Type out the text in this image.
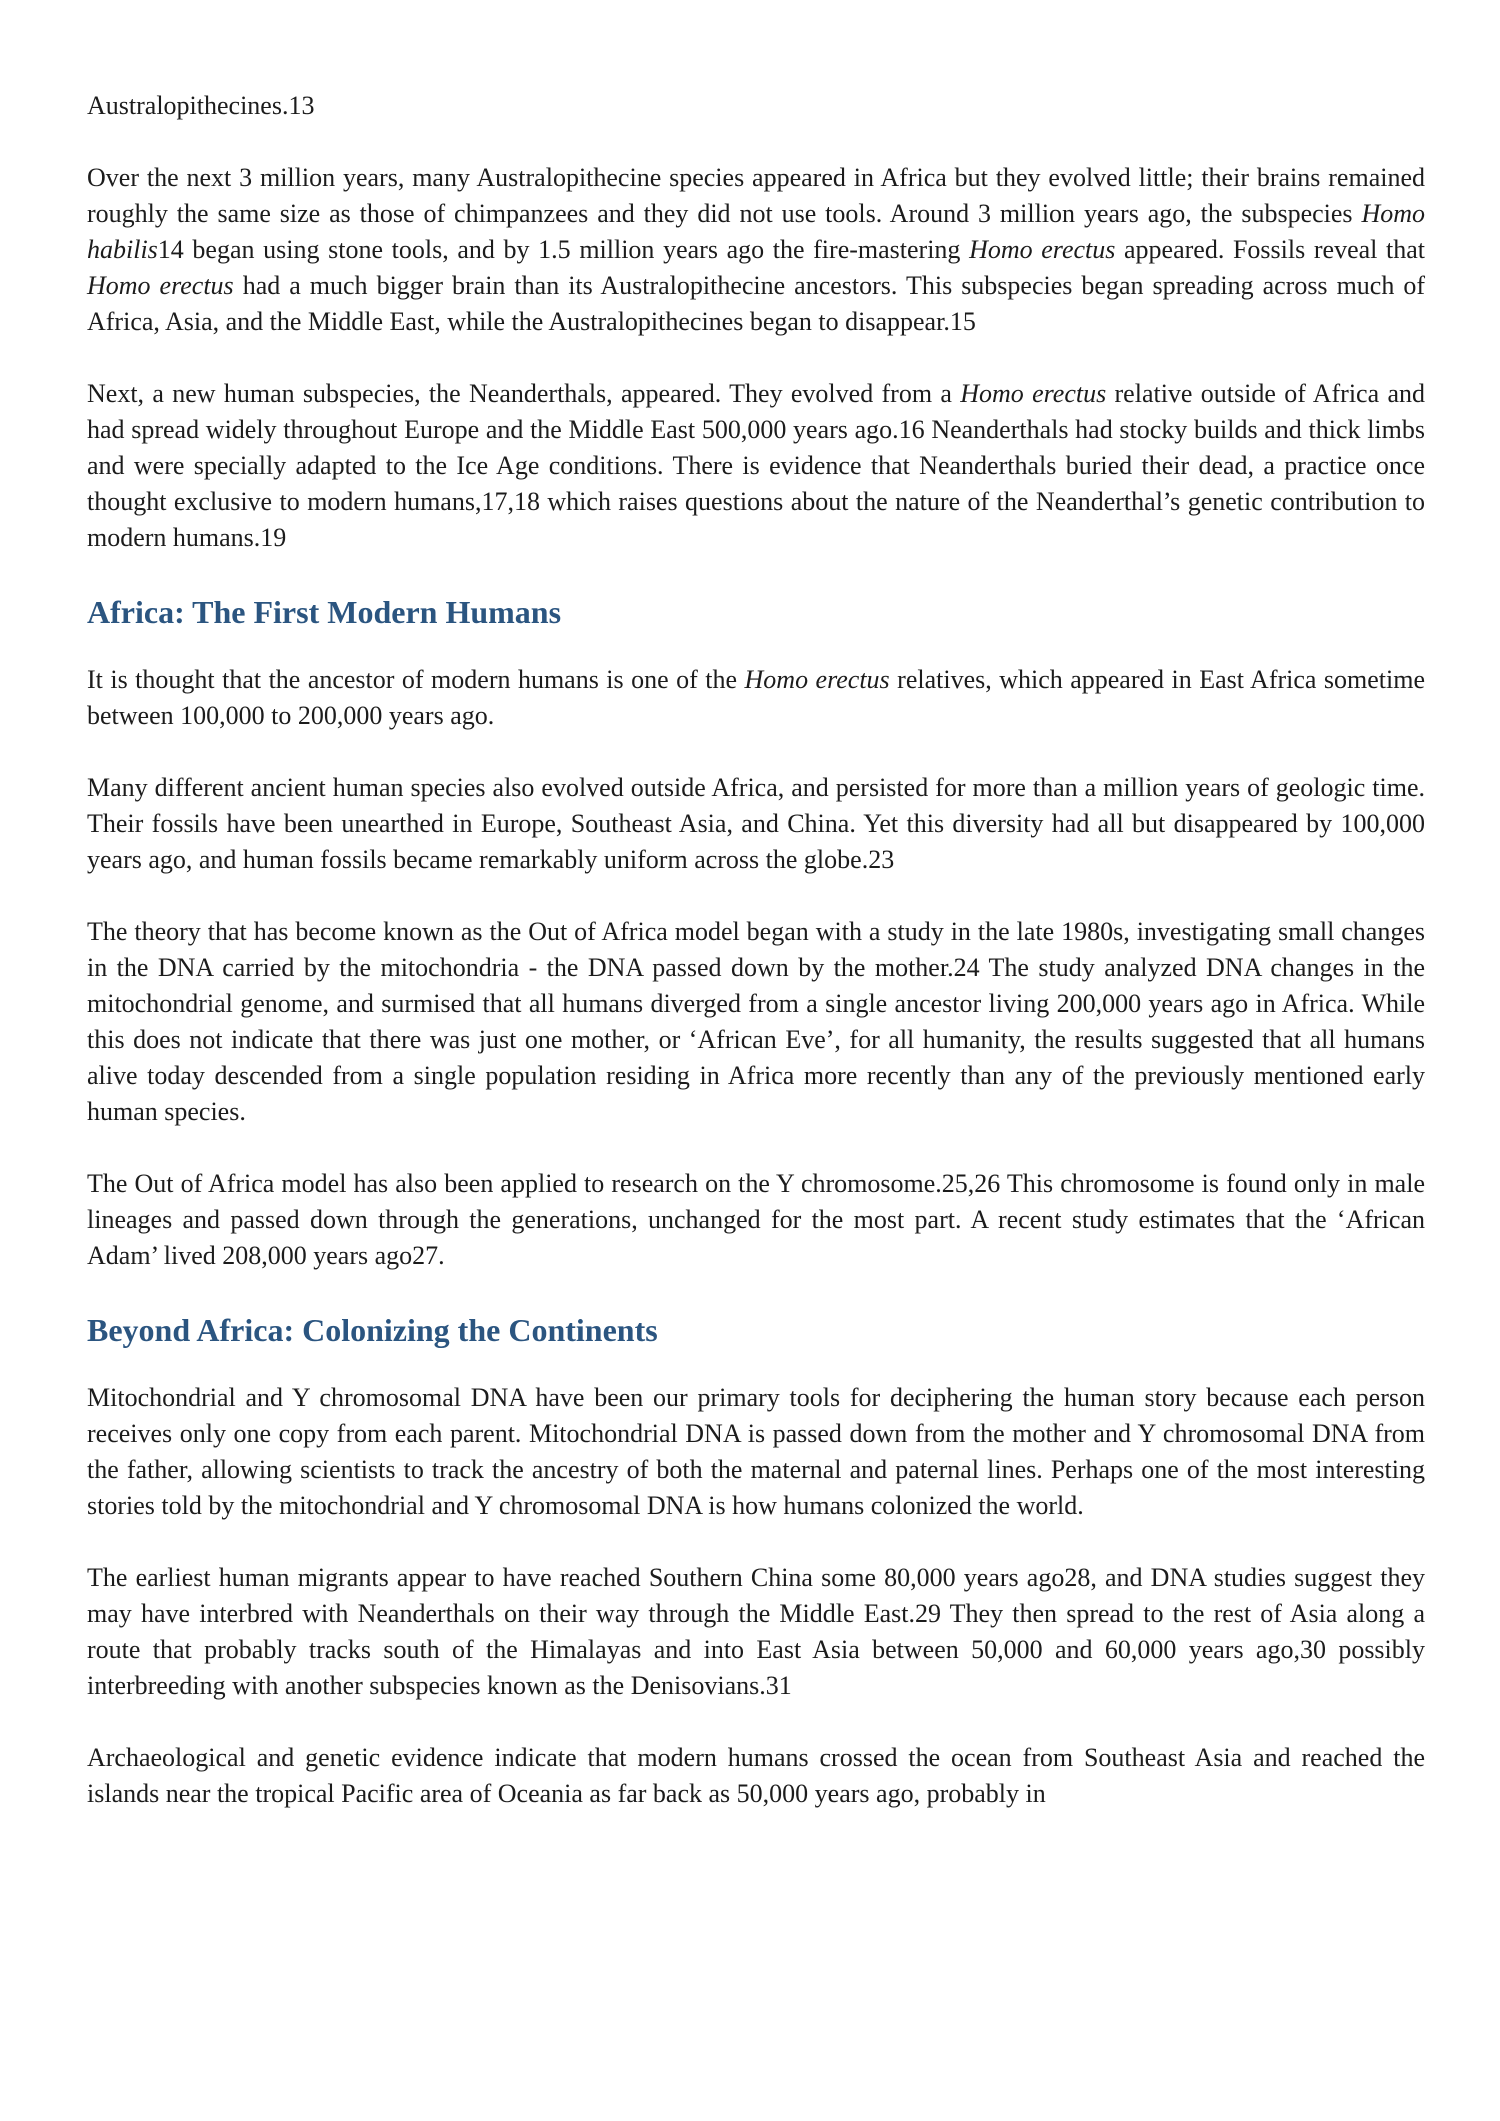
Australopithecines.13

Over the next 3 million years, many Australopithecine species appeared in Africa but they evolved little; their brains remained roughly the same size as those of chimpanzees and they did not use tools. Around 3 million years ago, the subspecies Homo habilis14 began using stone tools, and by 1.5 million years ago the fire-mastering Homo erectus appeared. Fossils reveal that Homo erectus had a much bigger brain than its Australopithecine ancestors. This subspecies began spreading across much of Africa, Asia, and the Middle East, while the Australopithecines began to disappear.15

Next, a new human subspecies, the Neanderthals, appeared. They evolved from a Homo erectus relative outside of Africa and had spread widely throughout Europe and the Middle East 500,000 years ago.16 Neanderthals had stocky builds and thick limbs and were specially adapted to the Ice Age conditions. There is evidence that Neanderthals buried their dead, a practice once thought exclusive to modern humans,17,18 which raises questions about the nature of the Neanderthal’s genetic contribution to modern humans.19

Africa: The First Modern Humans

It is thought that the ancestor of modern humans is one of the Homo erectus relatives, which appeared in East Africa sometime between 100,000 to 200,000 years ago.

Many different ancient human species also evolved outside Africa, and persisted for more than a million years of geologic time. Their fossils have been unearthed in Europe, Southeast Asia, and China. Yet this diversity had all but disappeared by 100,000 years ago, and human fossils became remarkably uniform across the globe.23

The theory that has become known as the Out of Africa model began with a study in the late 1980s, investigating small changes in the DNA carried by the mitochondria - the DNA passed down by the mother.24 The study analyzed DNA changes in the mitochondrial genome, and surmised that all humans diverged from a single ancestor living 200,000 years ago in Africa. While this does not indicate that there was just one mother, or ‘African Eve’, for all humanity, the results suggested that all humans alive today descended from a single population residing in Africa more recently than any of the previously mentioned early human species.

The Out of Africa model has also been applied to research on the Y chromosome.25,26 This chromosome is found only in male lineages and passed down through the generations, unchanged for the most part. A recent study estimates that the ‘African Adam’ lived 208,000 years ago27.

Beyond Africa: Colonizing the Continents

Mitochondrial and Y chromosomal DNA have been our primary tools for deciphering the human story because each person receives only one copy from each parent. Mitochondrial DNA is passed down from the mother and Y chromosomal DNA from the father, allowing scientists to track the ancestry of both the maternal and paternal lines. Perhaps one of the most interesting stories told by the mitochondrial and Y chromosomal DNA is how humans colonized the world.

The earliest human migrants appear to have reached Southern China some 80,000 years ago28, and DNA studies suggest they may have interbred with Neanderthals on their way through the Middle East.29 They then spread to the rest of Asia along a route that probably tracks south of the Himalayas and into East Asia between 50,000 and 60,000 years ago,30 possibly interbreeding with another subspecies known as the Denisovians.31

Archaeological and genetic evidence indicate that modern humans crossed the ocean from Southeast Asia and reached the islands near the tropical Pacific area of Oceania as far back as 50,000 years ago, probably in
